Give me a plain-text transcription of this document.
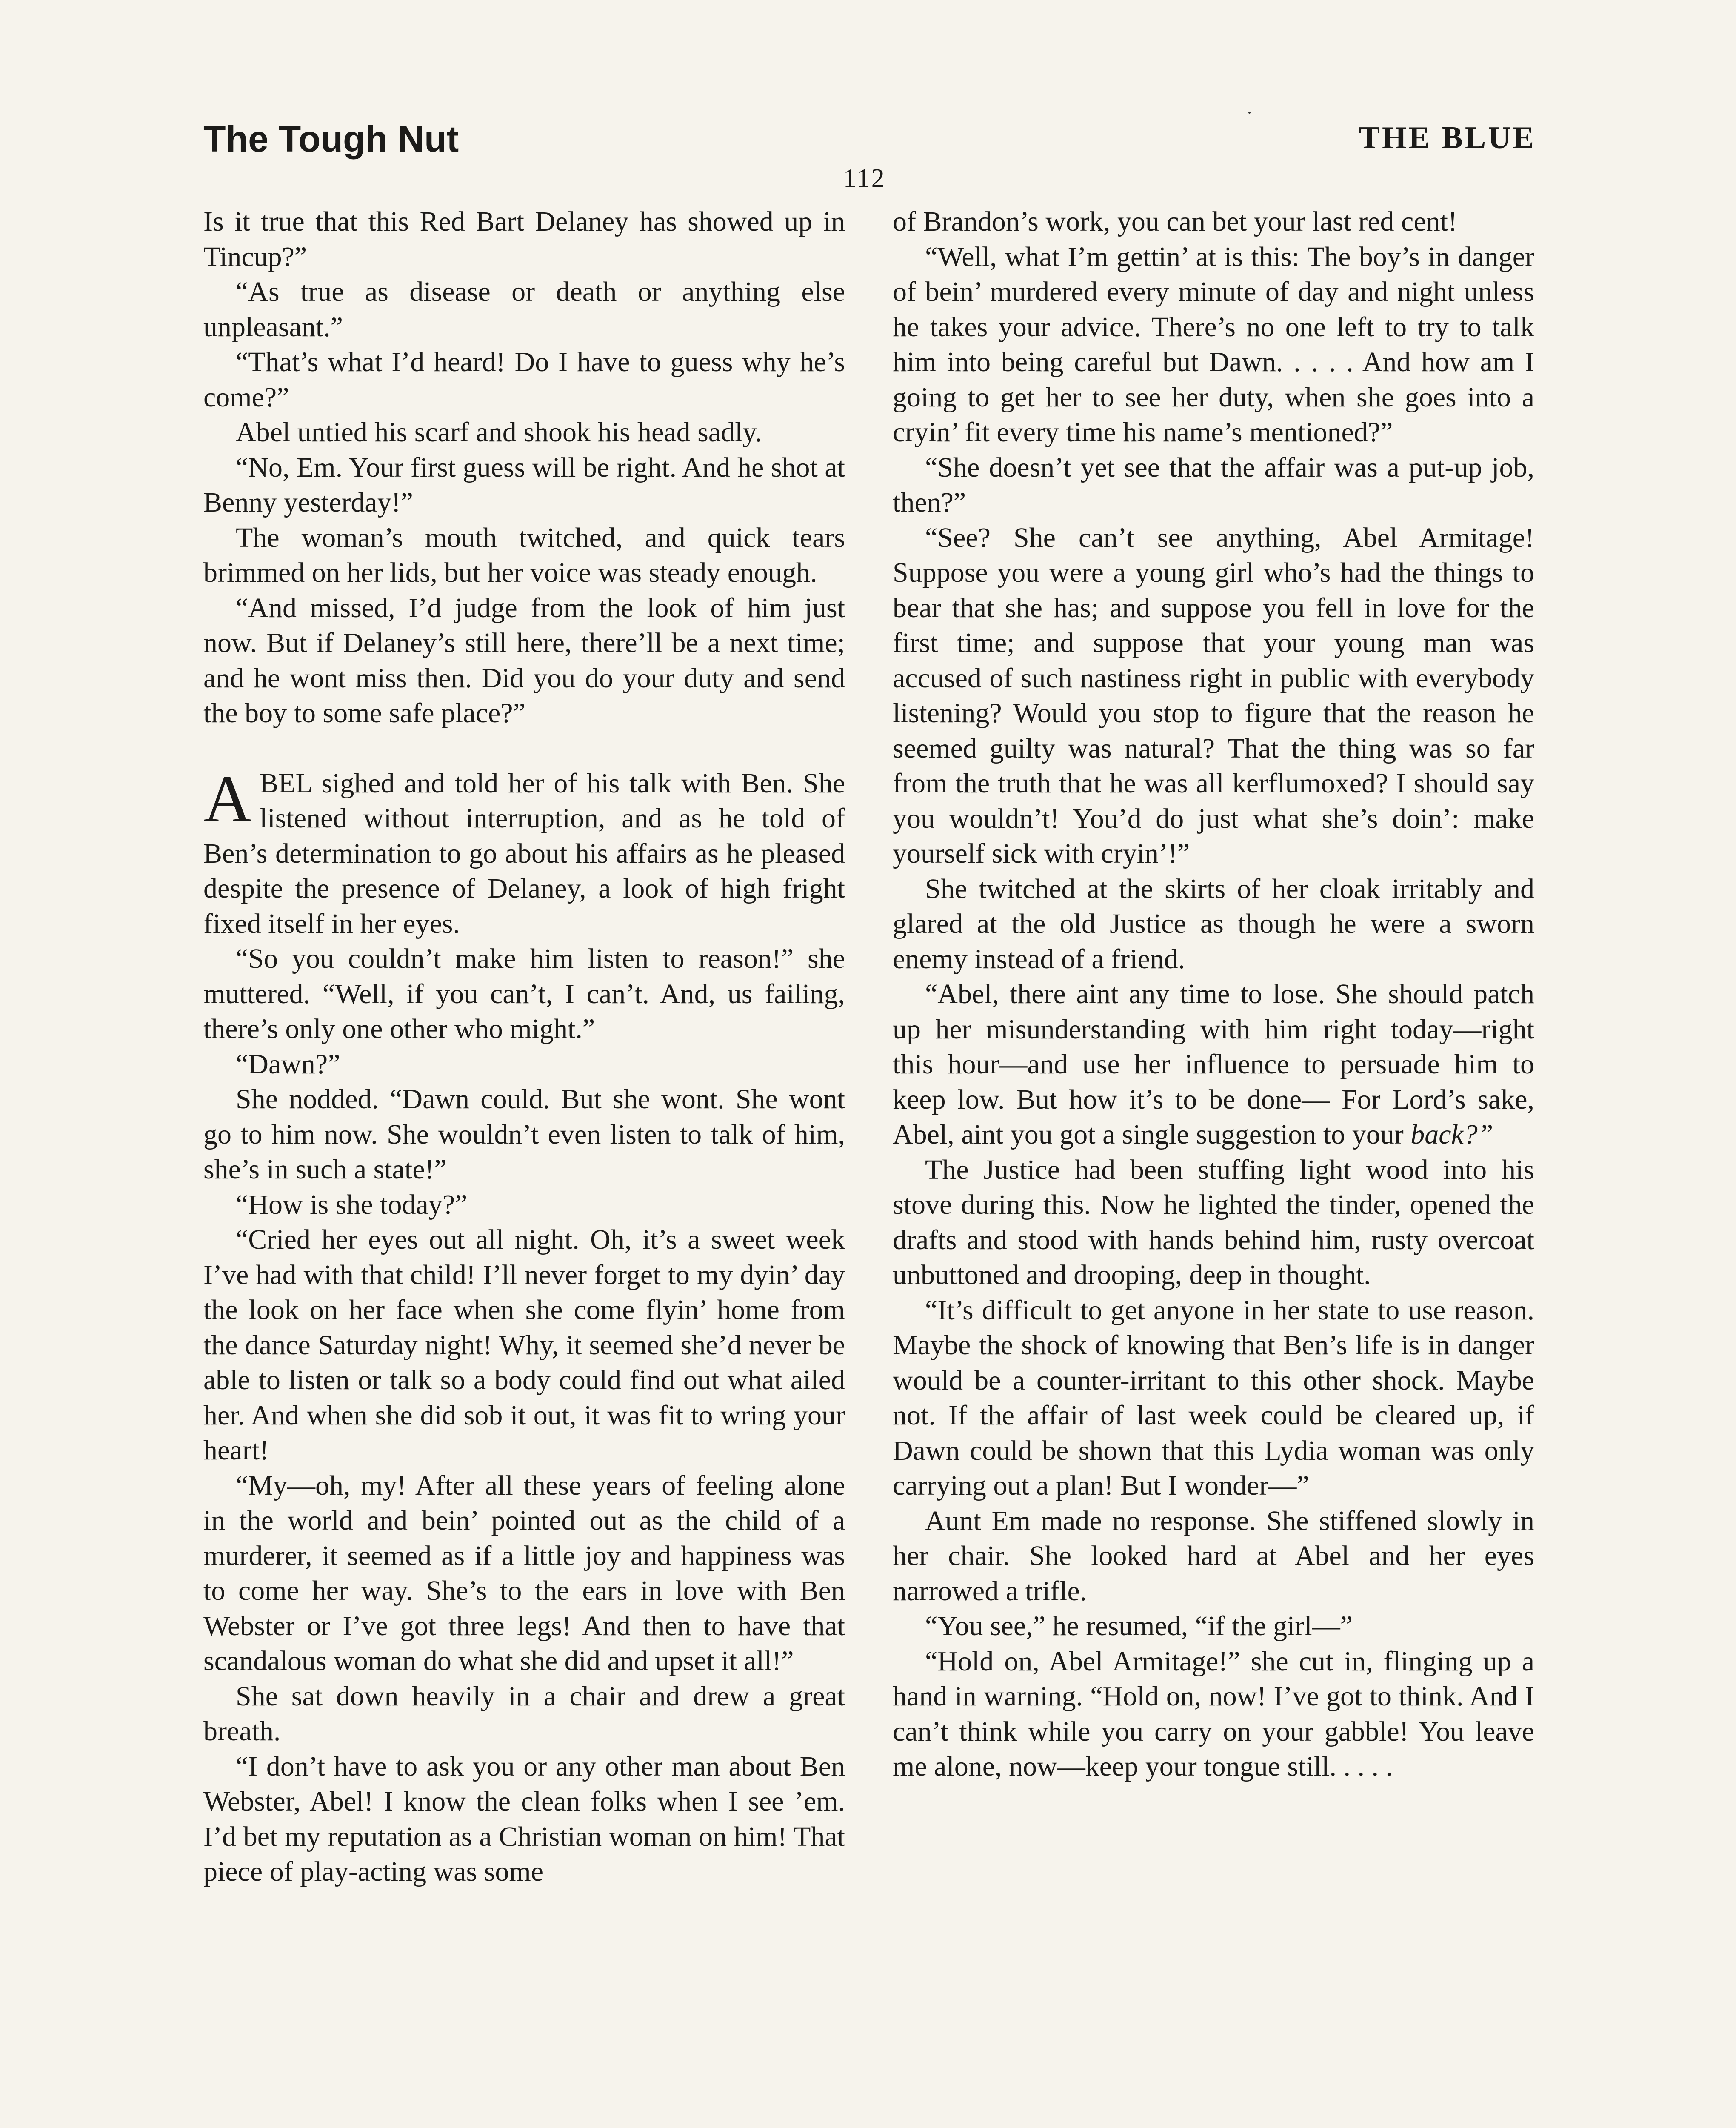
The Tough Nut	THE BLUE
112

Is it true that this Red Bart Delaney has showed up in Tincup?”

“As true as disease or death or anything else unpleasant.”

“That’s what I’d heard! Do I have to guess why he’s come?”

Abel untied his scarf and shook his head sadly.

“No, Em. Your first guess will be right. And he shot at Benny yesterday!”

The woman’s mouth twitched, and quick tears brimmed on her lids, but her voice was steady enough.

“And missed, I’d judge from the look of him just now. But if Delaney’s still here, there’ll be a next time; and he wont miss then. Did you do your duty and send the boy to some safe place?”

ABEL sighed and told her of his talk with Ben. She listened without interruption, and as he told of Ben’s determination to go about his affairs as he pleased despite the presence of Delaney, a look of high fright fixed itself in her eyes.

“So you couldn’t make him listen to reason!” she muttered. “Well, if you can’t, I can’t. And, us failing, there’s only one other who might.”

“Dawn?”

She nodded. “Dawn could. But she wont. She wont go to him now. She wouldn’t even listen to talk of him, she’s in such a state!”

“How is she today?”

“Cried her eyes out all night. Oh, it’s a sweet week I’ve had with that child! I’ll never forget to my dyin’ day the look on her face when she come flyin’ home from the dance Saturday night! Why, it seemed she’d never be able to listen or talk so a body could find out what ailed her. And when she did sob it out, it was fit to wring your heart!

“My—oh, my! After all these years of feeling alone in the world and bein’ pointed out as the child of a murderer, it seemed as if a little joy and happiness was to come her way. She’s to the ears in love with Ben Webster or I’ve got three legs! And then to have that scandalous woman do what she did and upset it all!”

She sat down heavily in a chair and drew a great breath.

“I don’t have to ask you or any other man about Ben Webster, Abel! I know the clean folks when I see ’em. I’d bet my reputation as a Christian woman on him! That piece of play-acting was some

of Brandon’s work, you can bet your last red cent!

“Well, what I’m gettin’ at is this: The boy’s in danger of bein’ murdered every minute of day and night unless he takes your advice. There’s no one left to try to talk him into being careful but Dawn. . . . . And how am I going to get her to see her duty, when she goes into a cryin’ fit every time his name’s mentioned?”

“She doesn’t yet see that the affair was a put-up job, then?”

“See? She can’t see anything, Abel Armitage! Suppose you were a young girl who’s had the things to bear that she has; and suppose you fell in love for the first time; and suppose that your young man was accused of such nastiness right in public with everybody listening? Would you stop to figure that the reason he seemed guilty was natural? That the thing was so far from the truth that he was all kerflumoxed? I should say you wouldn’t! You’d do just what she’s doin’: make yourself sick with cryin’!”

She twitched at the skirts of her cloak irritably and glared at the old Justice as though he were a sworn enemy instead of a friend.

“Abel, there aint any time to lose. She should patch up her misunderstanding with him right today—right this hour—and use her influence to persuade him to keep low. But how it’s to be done— For Lord’s sake, Abel, aint you got a single suggestion to your back?”

The Justice had been stuffing light wood into his stove during this. Now he lighted the tinder, opened the drafts and stood with hands behind him, rusty overcoat unbuttoned and drooping, deep in thought.

“It’s difficult to get anyone in her state to use reason. Maybe the shock of knowing that Ben’s life is in danger would be a counter-irritant to this other shock. Maybe not. If the affair of last week could be cleared up, if Dawn could be shown that this Lydia woman was only carrying out a plan! But I wonder—”

Aunt Em made no response. She stiffened slowly in her chair. She looked hard at Abel and her eyes narrowed a trifle.

“You see,” he resumed, “if the girl—”

“Hold on, Abel Armitage!” she cut in, flinging up a hand in warning. “Hold on, now! I’ve got to think. And I can’t think while you carry on your gabble! You leave me alone, now—keep your tongue still. . . . .
